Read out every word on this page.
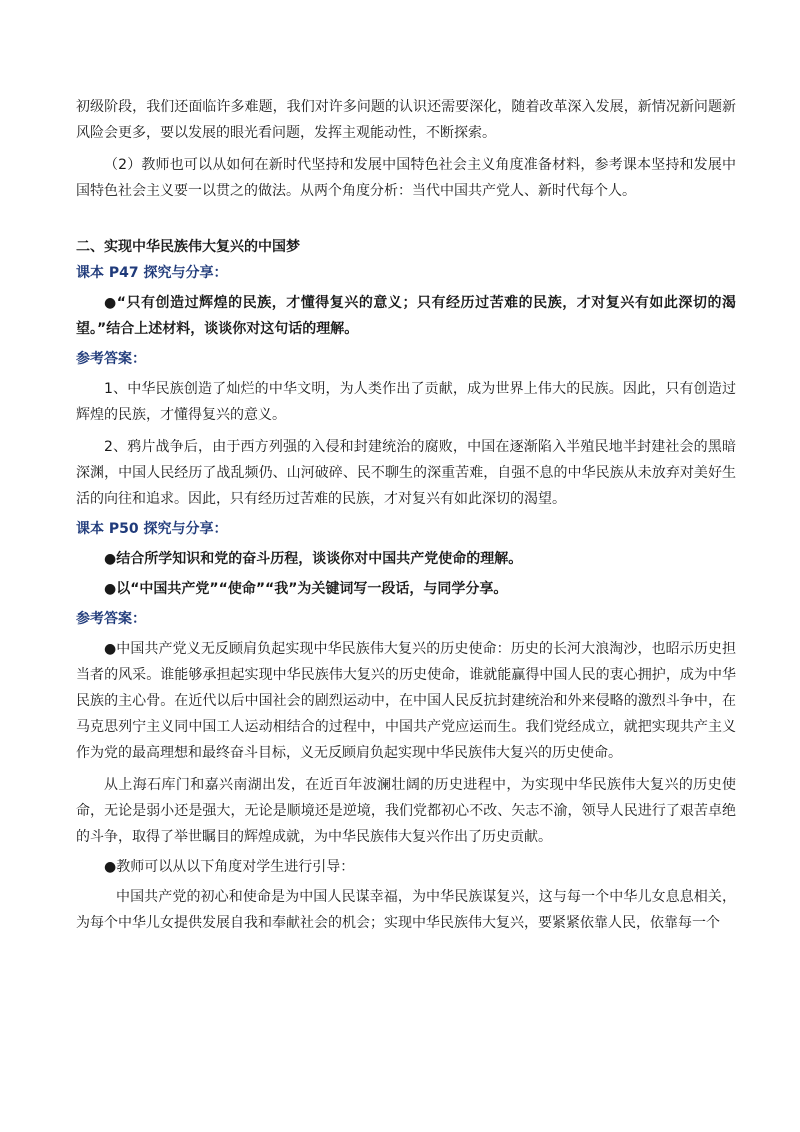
初级阶段，我们还面临许多难题，我们对许多问题的认识还需要深化，随着改革深入发展，新情况新问题新风险会更多，要以发展的眼光看问题，发挥主观能动性，不断探索。

（2）教师也可以从如何在新时代坚持和发展中国特色社会主义角度准备材料，参考课本坚持和发展中国特色社会主义要一以贯之的做法。从两个角度分析：当代中国共产党人、新时代每个人。

二、实现中华民族伟大复兴的中国梦

课本 P47 探究与分享：

●“只有创造过辉煌的民族，才懂得复兴的意义；只有经历过苦难的民族，才对复兴有如此深切的渴望。”结合上述材料，谈谈你对这句话的理解。

参考答案：

1、中华民族创造了灿烂的中华文明，为人类作出了贡献，成为世界上伟大的民族。因此，只有创造过辉煌的民族，才懂得复兴的意义。

2、鸦片战争后，由于西方列强的入侵和封建统治的腐败，中国在逐渐陷入半殖民地半封建社会的黑暗深渊，中国人民经历了战乱频仍、山河破碎、民不聊生的深重苦难，自强不息的中华民族从未放弃对美好生活的向往和追求。因此，只有经历过苦难的民族，才对复兴有如此深切的渴望。

课本 P50 探究与分享：

●结合所学知识和党的奋斗历程，谈谈你对中国共产党使命的理解。

●以“中国共产党”“使命”“我”为关键词写一段话，与同学分享。

参考答案：

●中国共产党义无反顾肩负起实现中华民族伟大复兴的历史使命：历史的长河大浪淘沙，也昭示历史担当者的风采。谁能够承担起实现中华民族伟大复兴的历史使命，谁就能赢得中国人民的衷心拥护，成为中华民族的主心骨。在近代以后中国社会的剧烈运动中，在中国人民反抗封建统治和外来侵略的激烈斗争中，在马克思列宁主义同中国工人运动相结合的过程中，中国共产党应运而生。我们党经成立，就把实现共产主义作为党的最高理想和最终奋斗目标，义无反顾肩负起实现中华民族伟大复兴的历史使命。

从上海石库门和嘉兴南湖出发，在近百年波澜壮阔的历史进程中，为实现中华民族伟大复兴的历史使命，无论是弱小还是强大，无论是顺境还是逆境，我们党都初心不改、矢志不渝，领导人民进行了艰苦卓绝的斗争，取得了举世瞩目的辉煌成就，为中华民族伟大复兴作出了历史贡献。

●教师可以从以下角度对学生进行引导：

中国共产党的初心和使命是为中国人民谋幸福，为中华民族谋复兴，这与每一个中华儿女息息相关，为每个中华儿女提供发展自我和奉献社会的机会；实现中华民族伟大复兴，要紧紧依靠人民，依靠每一个
